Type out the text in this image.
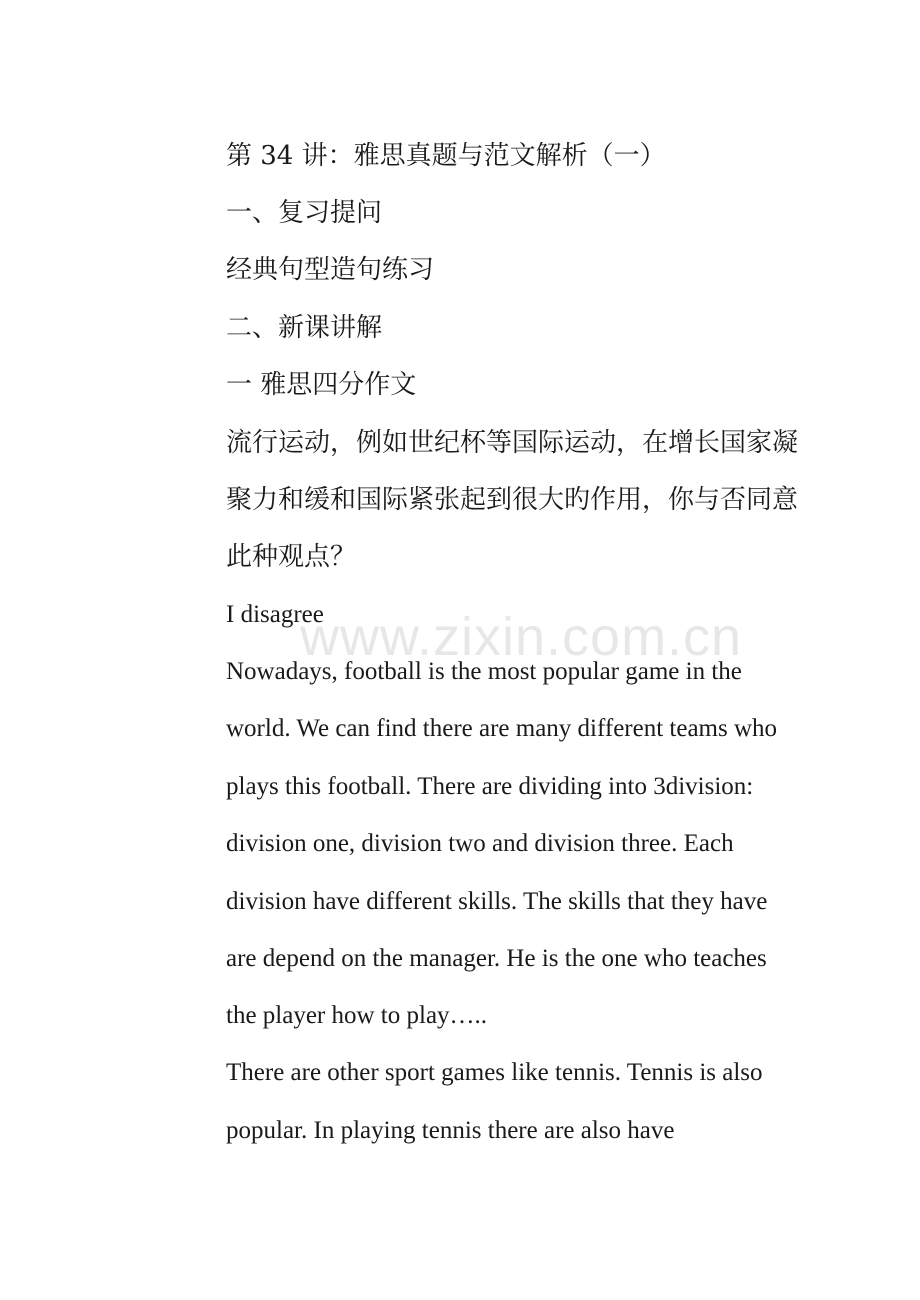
第 34 讲：雅思真题与范文解析（一）
一、复习提问
经典句型造句练习
二、新课讲解
一 雅思四分作文
流行运动，例如世纪杯等国际运动，在增长国家凝
聚力和缓和国际紧张起到很大旳作用，你与否同意
此种观点？
I disagree
Nowadays, football is the most popular game in the
world. We can find there are many different teams who
plays this football. There are dividing into 3division:
division one, division two and division three. Each
division have different skills. The skills that they have
are depend on the manager. He is the one who teaches
the player how to play…..
There are other sport games like tennis. Tennis is also
popular. In playing tennis there are also have
www.zixin.com.cn
